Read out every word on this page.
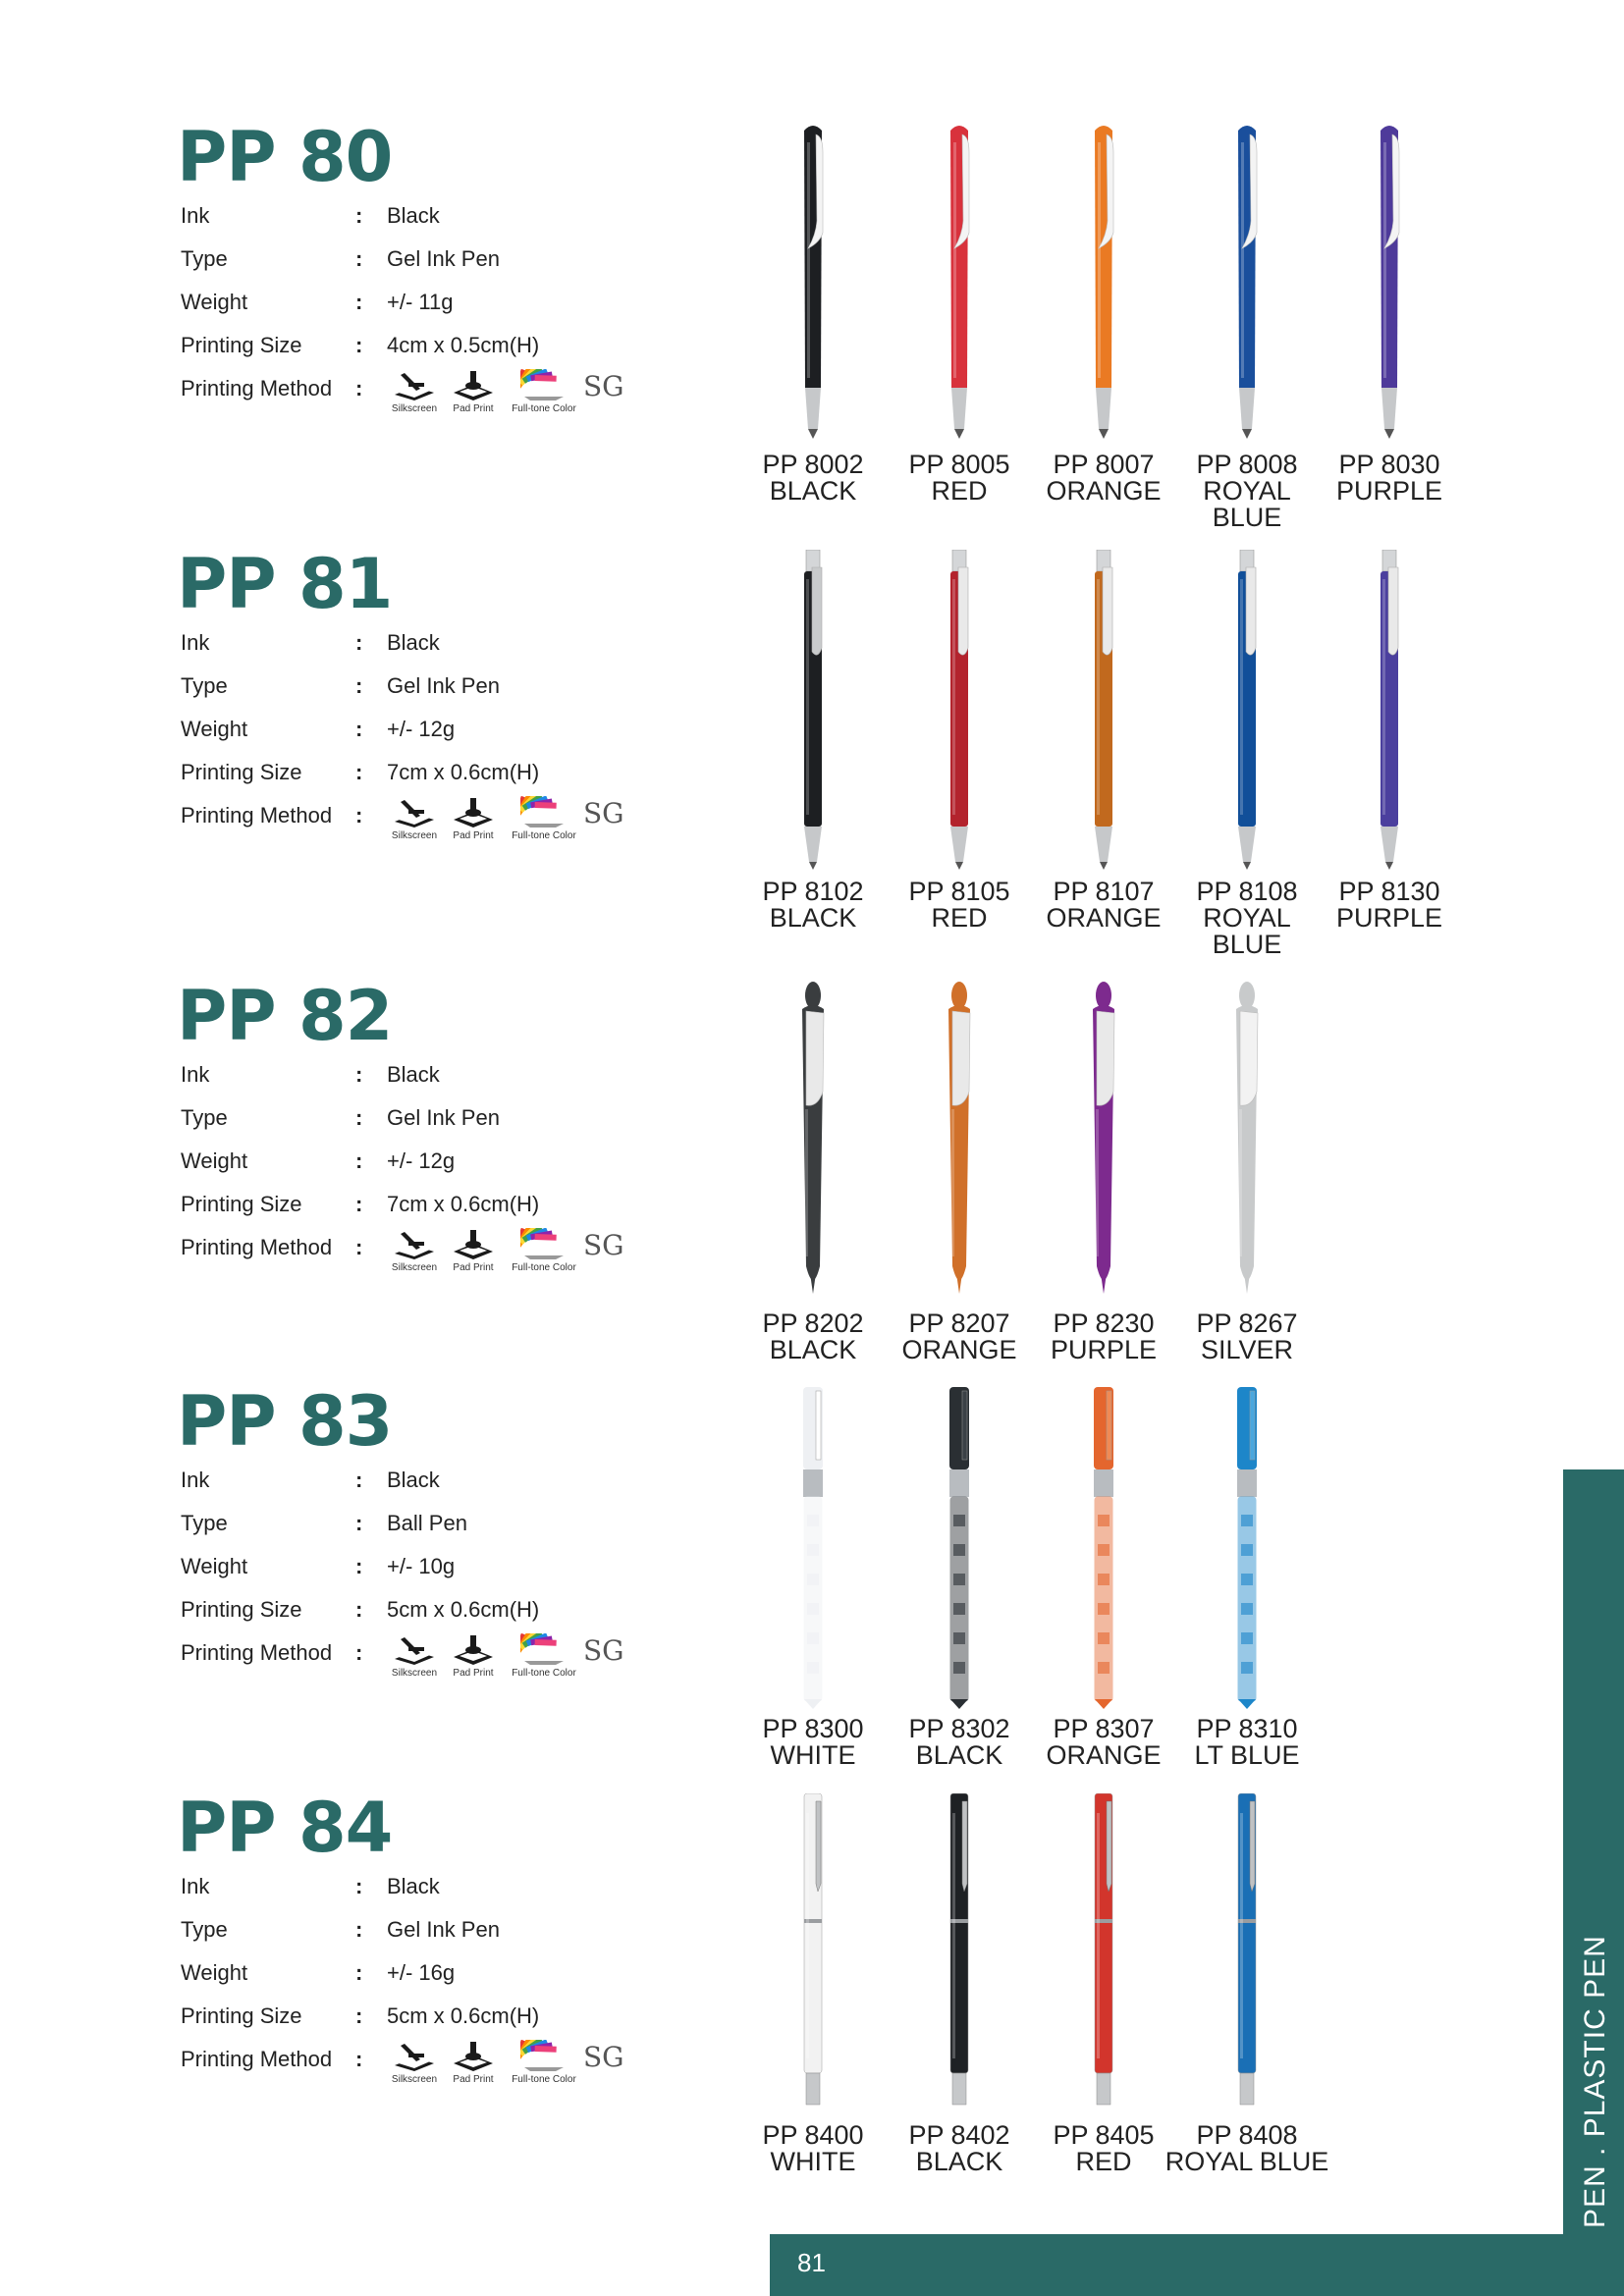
PP 80
Ink	: Black
Type	: Gel Ink Pen
Weight	: +/- 11g
Printing Size	: 4cm x 0.5cm(H)
Printing Method	:
Silkscreen	Pad Print	Full-tone Color
SG
PP 8002
BLACK
PP 8005
RED
PP 8007
ORANGE
PP 8008
ROYAL
BLUE
PP 8030
PURPLE
PP 81
Ink	: Black
Type	: Gel Ink Pen
Weight	: +/- 12g
Printing Size	: 7cm x 0.6cm(H)
Printing Method	:
Silkscreen	Pad Print	Full-tone Color
SG
PP 8102
BLACK
PP 8105
RED
PP 8107
ORANGE
PP 8108
ROYAL
BLUE
PP 8130
PURPLE
PP 82
Ink	: Black
Type	: Gel Ink Pen
Weight	: +/- 12g
Printing Size	: 7cm x 0.6cm(H)
Printing Method	:
Silkscreen	Pad Print	Full-tone Color
SG
PP 8202
BLACK
PP 8207
ORANGE
PP 8230
PURPLE
PP 8267
SILVER
PP 83
Ink	: Black
Type	: Ball Pen
Weight	: +/- 10g
Printing Size	: 5cm x 0.6cm(H)
Printing Method	:
Silkscreen	Pad Print	Full-tone Color
SG
PP 8300
WHITE
PP 8302
BLACK
PP 8307
ORANGE
PP 8310
LT BLUE
PP 84
Ink	: Black
Type	: Gel Ink Pen
Weight	: +/- 16g
Printing Size	: 5cm x 0.6cm(H)
Printing Method	:
Silkscreen	Pad Print	Full-tone Color
SG
PP 8400
WHITE
PP 8402
BLACK
PP 8405
RED
PP 8408
ROYAL BLUE	PEN . PLASTIC PEN
81
